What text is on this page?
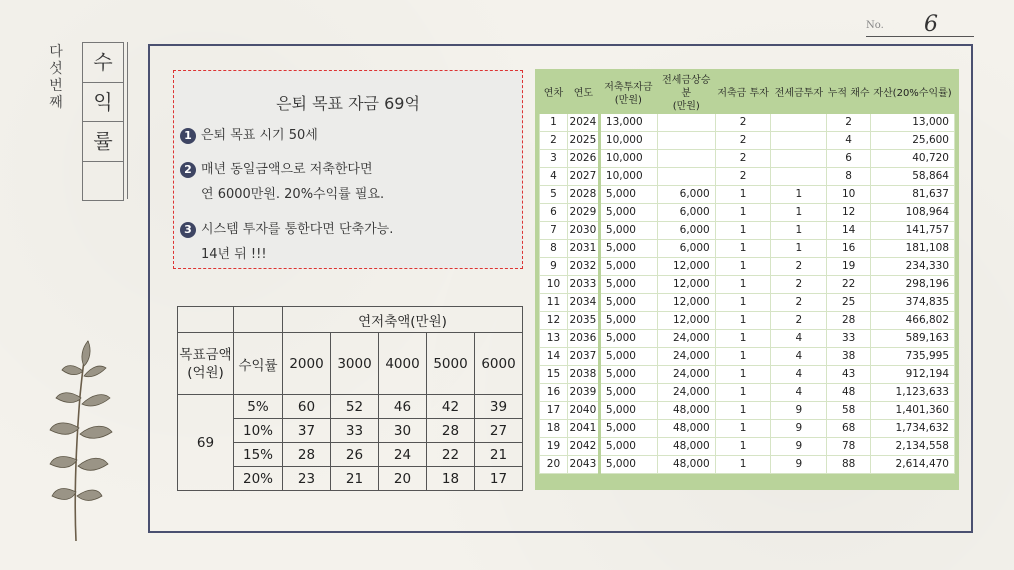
No. 6
다
섯
번
째
수
익
률
은퇴 목표 자금 69억
1 은퇴 목표 시기 50세
2 매년 동일금액으로 저축한다면
연 6000만원. 20%수익률 필요.
시스템 투자를 통한다면 단축가능.
314년 뒤 !!!
		연저축액(만원)				
목표금액
(억원)	수익률	2000	3000	4000	5000	6000
69	5%	60	52	46	42	39
	10%	37	33	30	28	27
	15%	28	26	24	22	21
	20%	23	21	20	18	17
연차	연도	저축투자금
(만원)	전세금상승분
(만원)	저축금 투자	전세금투자	누적 채수	자산(20%수익률)
1	2024	13,000		2		2	13,000
2	2025	10,000		2		4	25,600
3	2026	10,000		2		6	40,720
4	2027	10,000		2		8	58,864
5	2028	5,000	6,000	1	1	10	81,637
6	2029	5,000	6,000	1	1	12	108,964
7	2030	5,000	6,000	1	1	14	141,757
8	2031	5,000	6,000	1	1	16	181,108
9	2032	5,000	12,000	1	2	19	234,330
10	2033	5,000	12,000	1	2	22	298,196
11	2034	5,000	12,000	1	2	25	374,835
12	2035	5,000	12,000	1	2	28	466,802
13	2036	5,000	24,000	1	4	33	589,163
14	2037	5,000	24,000	1	4	38	735,995
15	2038	5,000	24,000	1	4	43	912,194
16	2039	5,000	24,000	1	4	48	1,123,633
17	2040	5,000	48,000	1	9	58	1,401,360
18	2041	5,000	48,000	1	9	68	1,734,632
19	2042	5,000	48,000	1	9	78	2,134,558
20	2043	5,000	48,000	1	9	88	2,614,470
